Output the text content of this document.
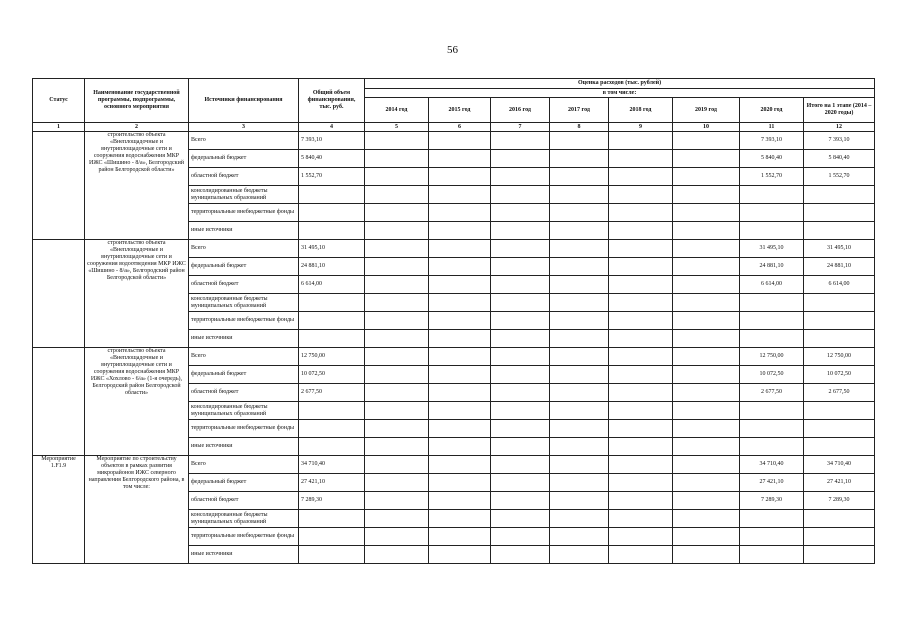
56
Статус	Наименование государственной программы, подпрограммы, основного мероприятия	Источники финансирования	Общий объем финансирования, тыс. руб.	Оценка расходов (тыс. рублей)							
				в том числе:							
				2014 год	2015 год	2016 год	2017 год	2018 год	2019 год	2020 год	Итого на 1 этапе (2014 – 2020 годы)
1	2	3	4	5	6	7	8	9	10	11	12
	строительство объекта «Внеплощадочные и внутриплощадочные сети и сооружения водоснабжения МКР ИЖС «Шишино - 8/а», Белгородский район Белгородской области»	Всего	7 393,10							7 393,10	7 393,10
		федеральный бюджет	5 840,40							5 840,40	5 840,40
		областной бюджет	1 552,70							1 552,70	1 552,70
		консолидированные бюджеты муниципальных образований									
		территориальные внебюджетные фонды									
		иные источники									
	строительство объекта «Внеплощадочные и внутриплощадочные сети и сооружения водоотведения МКР ИЖС «Шишино - 8/а», Белгородский район Белгородской области»	Всего	31 495,10							31 495,10	31 495,10
		федеральный бюджет	24 881,10							24 881,10	24 881,10
		областной бюджет	6 614,00							6 614,00	6 614,00
		консолидированные бюджеты муниципальных образований									
		территориальные внебюджетные фонды									
		иные источники									
	строительство объекта «Внеплощадочные и внутриплощадочные сети и сооружения водоснабжения МКР ИЖС «Хохлово - 6/а» (1-я очередь), Белгородский район Белгородской области»	Всего	12 750,00							12 750,00	12 750,00
		федеральный бюджет	10 072,50							10 072,50	10 072,50
		областной бюджет	2 677,50							2 677,50	2 677,50
		консолидированные бюджеты муниципальных образований									
		территориальные внебюджетные фонды									
		иные источники									
Мероприятие 1.F1.9	Мероприятие по строительству объектов в рамках развития микрорайонов ИЖС северного направления Белгородского района, в том числе:	Всего	34 710,40							34 710,40	34 710,40
		федеральный бюджет	27 421,10							27 421,10	27 421,10
		областной бюджет	7 289,30							7 289,30	7 289,30
		консолидированные бюджеты муниципальных образований									
		территориальные внебюджетные фонды									
		иные источники									
